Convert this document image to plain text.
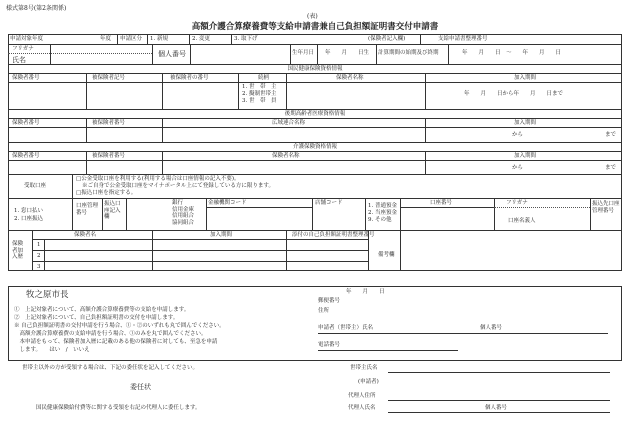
様式第8号(第2条関係)
(表)
高額介護合算療養費等支給申請書兼自己負担額証明書交付申請書
申請対象年度	年度 申請区分 1. 新規	2. 変更	3. 取下げ	(保険者記入欄)	支給申請書整理番号
フリガナ
氏名
個人番号	生年月日 年　　月　　日生 計算期間の始期及び終期	年　　月　　日　～　　年　　月　　日
国民健康保険資格情報
保険者番号	被保険者記号	被保険者の番号	続柄	保険者名称	加入期間
1. 世　帯　主
2. 擬制世帯主
3. 世　帯　員
年　　月　　日から年　　月　　日まで
後期高齢者医療資格情報
保険者番号	被保険者番号	広域連合名称	加入期間
から	まで
介護保険資格情報
保険者番号	被保険者番号	保険者名称	加入期間
から	まで
受取口座
□公金受取口座を利用する(利用する場合は口座情報の記入不要)。
※ご自身で公金受取口座をマイナポータル上にて登録している方に限ります。
□振込口座を指定する。
1. 窓口払い
2. 口座振込
口座管理番号
振込口座記入欄
銀行
信用金庫
信用組合
協同組合
金融機関コード	店舗コード	1. 普通預金
2. 当座預金
9. その他
口座番号	フリガナ
口座名義人
振込先口座管理番号
保険者加入歴
保険者名	加入期間	添付の自己負担額証明書整理番号
備考欄
1
2
3
牧之原市長	年　　月　　日
郵便番号
住所
①　上記対象者について、高額介護合算療養費等の支給を申請します。
②　上記対象者について、自己負担額証明書の交付を申請します。
※ 自己負担額証明書の交付申請を行う場合、①・②のいずれも丸で囲んでください。
　高額介護合算療養費の支給申請を行う場合、①のみを丸で囲んでください。
　本申請をもって、保険者加入歴に記載のある他の保険者に対しても、至急を申請
　します。　　はい　/　いいえ
申請者（世帯主）氏名	個人番号
電話番号
世帯主以外の方が受領する場合は、下記の委任状を記入してください。	世帯主氏名
(申請者)
委任状
代理人住所
国民健康保険給付費等に関する受領を右記の代理人に委任します。	代理人氏名	個人番号
